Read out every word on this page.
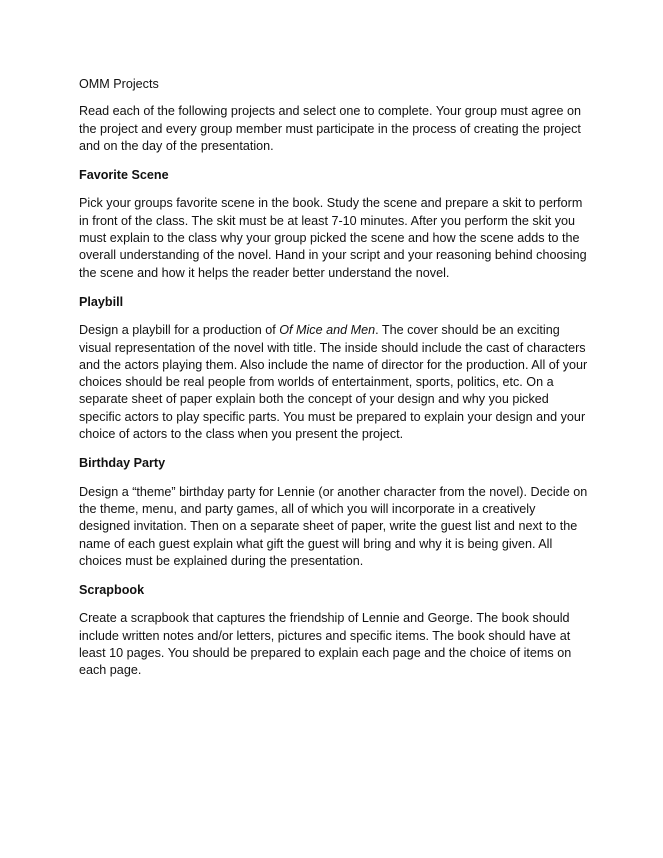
OMM Projects

Read each of the following projects and select one to complete. Your group must agree on the project and every group member must participate in the process of creating the project and on the day of the presentation.

Favorite Scene

Pick your groups favorite scene in the book. Study the scene and prepare a skit to perform in front of the class. The skit must be at least 7-10 minutes. After you perform the skit you must explain to the class why your group picked the scene and how the scene adds to the overall understanding of the novel. Hand in your script and your reasoning behind choosing the scene and how it helps the reader better understand the novel.

Playbill

Design a playbill for a production of Of Mice and Men. The cover should be an exciting visual representation of the novel with title. The inside should include the cast of characters and the actors playing them. Also include the name of director for the production. All of your choices should be real people from worlds of entertainment, sports, politics, etc. On a separate sheet of paper explain both the concept of your design and why you picked specific actors to play specific parts. You must be prepared to explain your design and your choice of actors to the class when you present the project.

Birthday Party

Design a “theme” birthday party for Lennie (or another character from the novel). Decide on the theme, menu, and party games, all of which you will incorporate in a creatively designed invitation. Then on a separate sheet of paper, write the guest list and next to the name of each guest explain what gift the guest will bring and why it is being given. All choices must be explained during the presentation.

Scrapbook

Create a scrapbook that captures the friendship of Lennie and George. The book should include written notes and/or letters, pictures and specific items. The book should have at least 10 pages. You should be prepared to explain each page and the choice of items on each page.
